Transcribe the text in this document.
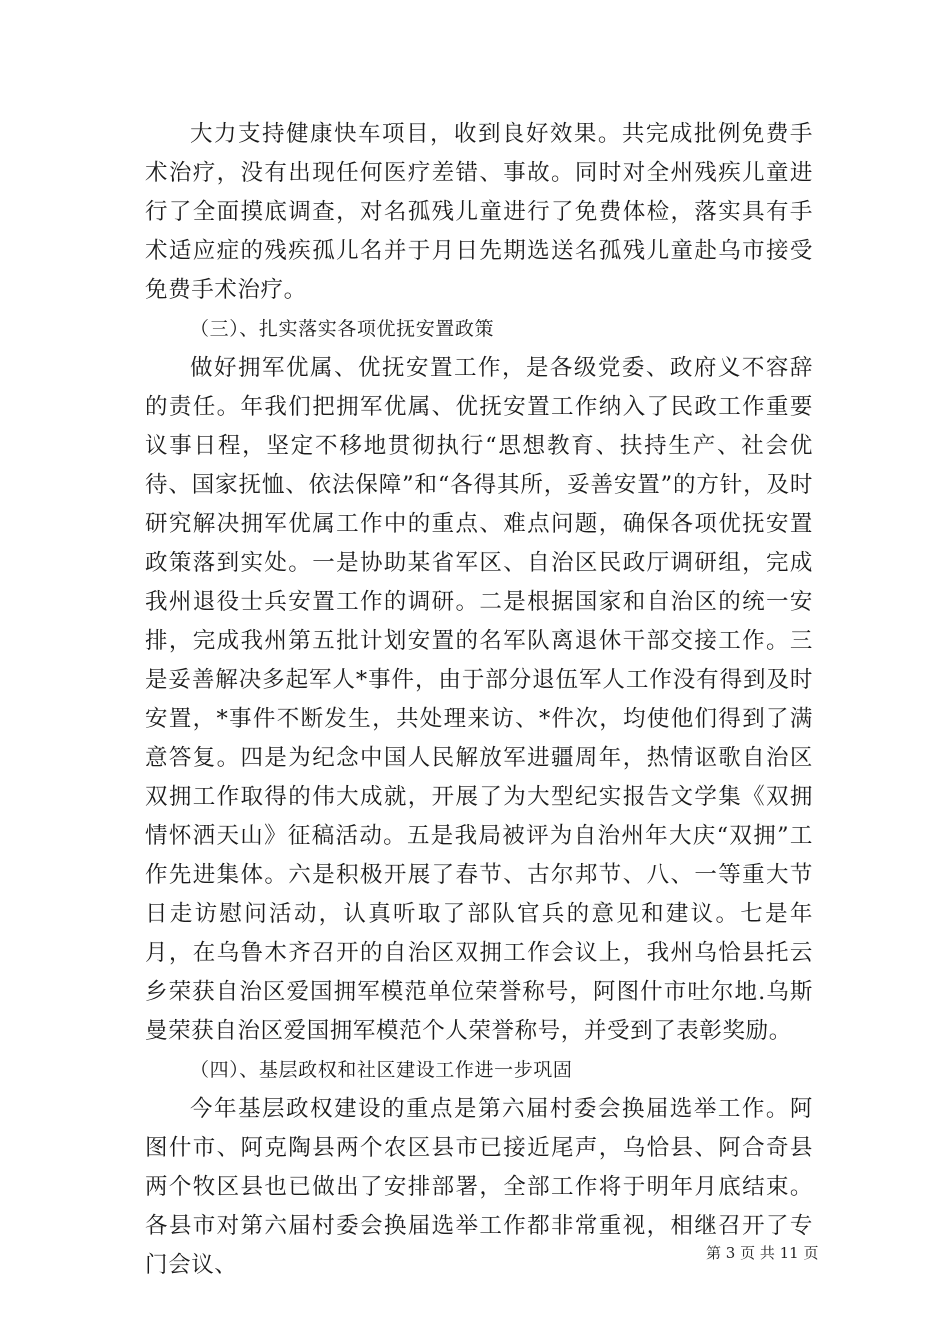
大力支持健康快车项目，收到良好效果。共完成批例免费手术治疗，没有出现任何医疗差错、事故。同时对全州残疾儿童进行了全面摸底调查，对名孤残儿童进行了免费体检，落实具有手术适应症的残疾孤儿名并于月日先期选送名孤残儿童赴乌市接受免费手术治疗。

（三）、扎实落实各项优抚安置政策

做好拥军优属、优抚安置工作，是各级党委、政府义不容辞的责任。年我们把拥军优属、优抚安置工作纳入了民政工作重要议事日程，坚定不移地贯彻执行“思想教育、扶持生产、社会优待、国家抚恤、依法保障”和“各得其所，妥善安置”的方针，及时研究解决拥军优属工作中的重点、难点问题，确保各项优抚安置政策落到实处。一是协助某省军区、自治区民政厅调研组，完成我州退役士兵安置工作的调研。二是根据国家和自治区的统一安排，完成我州第五批计划安置的名军队离退休干部交接工作。三是妥善解决多起军人*事件，由于部分退伍军人工作没有得到及时安置，*事件不断发生，共处理来访、*件次，均使他们得到了满意答复。四是为纪念中国人民解放军进疆周年，热情讴歌自治区双拥工作取得的伟大成就，开展了为大型纪实报告文学集《双拥情怀洒天山》征稿活动。五是我局被评为自治州年大庆“双拥”工作先进集体。六是积极开展了春节、古尔邦节、八、一等重大节日走访慰问活动，认真听取了部队官兵的意见和建议。七是年月，在乌鲁木齐召开的自治区双拥工作会议上，我州乌恰县托云乡荣获自治区爱国拥军模范单位荣誉称号，阿图什市吐尔地.乌斯曼荣获自治区爱国拥军模范个人荣誉称号，并受到了表彰奖励。

（四）、基层政权和社区建设工作进一步巩固

今年基层政权建设的重点是第六届村委会换届选举工作。阿图什市、阿克陶县两个农区县市已接近尾声，乌恰县、阿合奇县两个牧区县也已做出了安排部署，全部工作将于明年月底结束。各县市对第六届村委会换届选举工作都非常重视，相继召开了专门会议、	第 3 页 共 11 页
